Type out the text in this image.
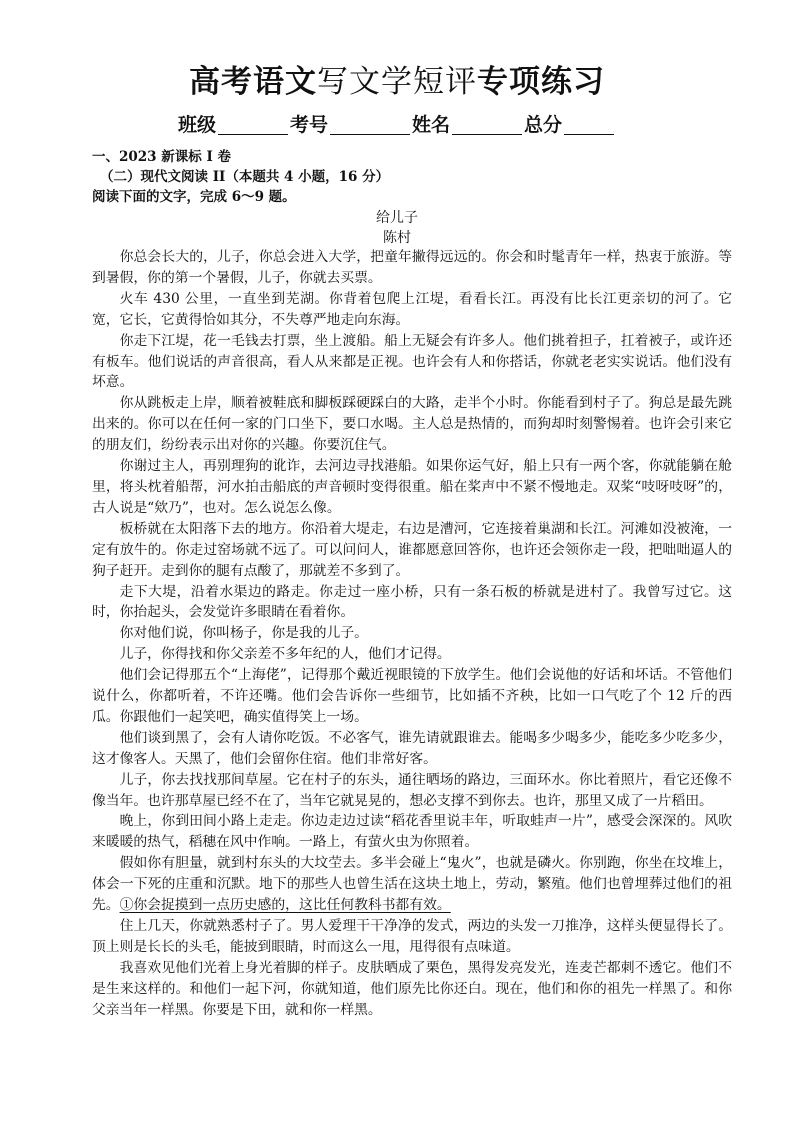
高考语文写文学短评专项练习
班级	考号	姓名	总分
一、2023 新课标 I 卷
（二）现代文阅读 II（本题共 4 小题，16 分）
阅读下面的文字，完成 6～9 题。
给儿子
陈村

你总会长大的，儿子，你总会进入大学，把童年撇得远远的。你会和时髦青年一样，热衷于旅游。等到暑假，你的第一个暑假，儿子，你就去买票。

火车 430 公里，一直坐到芜湖。你背着包爬上江堤，看看长江。再没有比长江更亲切的河了。它宽，它长，它黄得恰如其分，不失尊严地走向东海。

你走下江堤，花一毛钱去打票，坐上渡船。船上无疑会有许多人。他们挑着担子，扛着被子，或许还有板车。他们说话的声音很高，看人从来都是正视。也许会有人和你搭话，你就老老实实说话。他们没有坏意。

你从跳板走上岸，顺着被鞋底和脚板踩硬踩白的大路，走半个小时。你能看到村子了。狗总是最先跳出来的。你可以在任何一家的门口坐下，要口水喝。主人总是热情的，而狗却时刻警惕着。也许会引来它的朋友们，纷纷表示出对你的兴趣。你要沉住气。

你谢过主人，再别理狗的讹诈，去河边寻找港船。如果你运气好，船上只有一两个客，你就能躺在舱里，将头枕着船帮，河水拍击船底的声音顿时变得很重。船在桨声中不紧不慢地走。双桨“吱呀吱呀”的，古人说是“欸乃”，也对。怎么说怎么像。

板桥就在太阳落下去的地方。你沿着大堤走，右边是漕河，它连接着巢湖和长江。河滩如没被淹，一定有放牛的。你走过窑场就不远了。可以问问人，谁都愿意回答你，也许还会领你走一段，把咄咄逼人的狗子赶开。走到你的腿有点酸了，那就差不多到了。

走下大堤，沿着水渠边的路走。你走过一座小桥，只有一条石板的桥就是进村了。我曾写过它。这时，你抬起头，会发觉许多眼睛在看着你。

你对他们说，你叫杨子，你是我的儿子。

儿子，你得找和你父亲差不多年纪的人，他们才记得。

他们会记得那五个“上海佬”，记得那个戴近视眼镜的下放学生。他们会说他的好话和坏话。不管他们说什么，你都听着，不许还嘴。他们会告诉你一些细节，比如插不齐秧，比如一口气吃了个 12 斤的西瓜。你跟他们一起笑吧，确实值得笑上一场。

他们谈到黑了，会有人请你吃饭。不必客气，谁先请就跟谁去。能喝多少喝多少，能吃多少吃多少，这才像客人。天黑了，他们会留你住宿。他们非常好客。

儿子，你去找找那间草屋。它在村子的东头，通往晒场的路边，三面环水。你比着照片，看它还像不像当年。也许那草屋已经不在了，当年它就晃晃的，想必支撑不到你去。也许，那里又成了一片稻田。

晚上，你到田间小路上走走。你边走边过读“稻花香里说丰年，听取蛙声一片”，感受会深深的。风吹来暖暖的热气，稻穗在风中作响。一路上，有萤火虫为你照着。

假如你有胆量，就到村东头的大坟茔去。多半会碰上“鬼火”，也就是磷火。你别跑，你坐在坟堆上，体会一下死的庄重和沉默。地下的那些人也曾生活在这块土地上，劳动，繁殖。他们也曾埋葬过他们的祖先。①你会捉摸到一点历史感的，这比任何教科书都有效。

住上几天，你就熟悉村子了。男人爱理干干净净的发式，两边的头发一刀推净，这样头便显得长了。顶上则是长长的头毛，能披到眼睛，时而这么一甩，甩得很有点味道。

我喜欢见他们光着上身光着脚的样子。皮肤晒成了栗色，黑得发亮发光，连麦芒都刺不透它。他们不是生来这样的。和他们一起下河，你就知道，他们原先比你还白。现在，他们和你的祖先一样黑了。和你父亲当年一样黑。你要是下田，就和你一样黑。
